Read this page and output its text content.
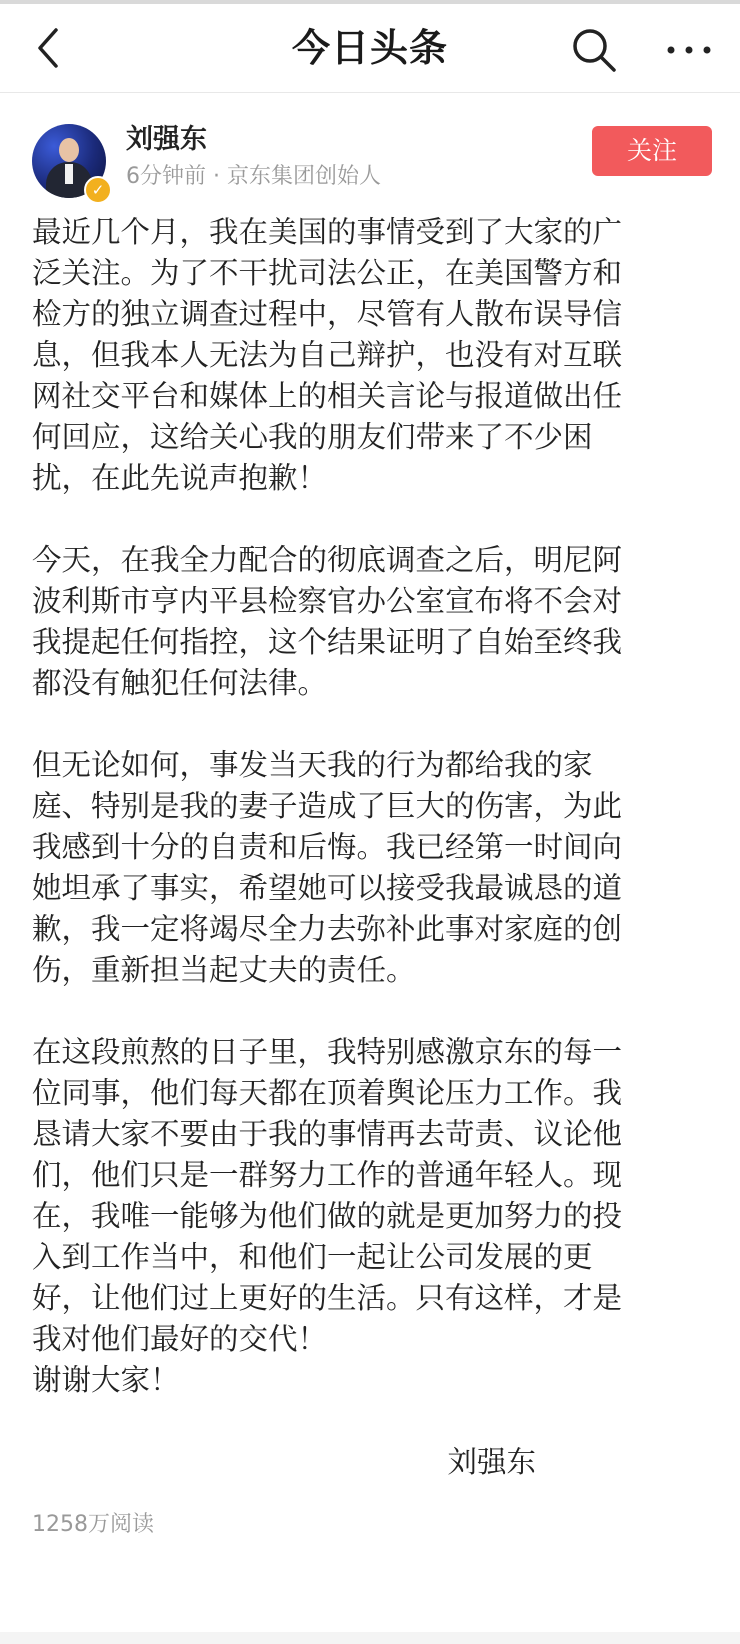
今日头条
✓
刘强东
6分钟前 · 京东集团创始人
关注

最近几个月，我在美国的事情受到了大家的广
泛关注。为了不干扰司法公正，在美国警方和
检方的独立调查过程中，尽管有人散布误导信
息，但我本人无法为自己辩护，也没有对互联
网社交平台和媒体上的相关言论与报道做出任
何回应，这给关心我的朋友们带来了不少困
扰，在此先说声抱歉！

今天，在我全力配合的彻底调查之后，明尼阿
波利斯市亨内平县检察官办公室宣布将不会对
我提起任何指控，这个结果证明了自始至终我
都没有触犯任何法律。

但无论如何，事发当天我的行为都给我的家
庭、特别是我的妻子造成了巨大的伤害，为此
我感到十分的自责和后悔。我已经第一时间向
她坦承了事实，希望她可以接受我最诚恳的道
歉，我一定将竭尽全力去弥补此事对家庭的创
伤，重新担当起丈夫的责任。

在这段煎熬的日子里，我特别感激京东的每一
位同事，他们每天都在顶着舆论压力工作。我
恳请大家不要由于我的事情再去苛责、议论他
们，他们只是一群努力工作的普通年轻人。现
在，我唯一能够为他们做的就是更加努力的投
入到工作当中，和他们一起让公司发展的更
好，让他们过上更好的生活。只有这样，才是
我对他们最好的交代！
谢谢大家！

刘强东

1258万阅读
